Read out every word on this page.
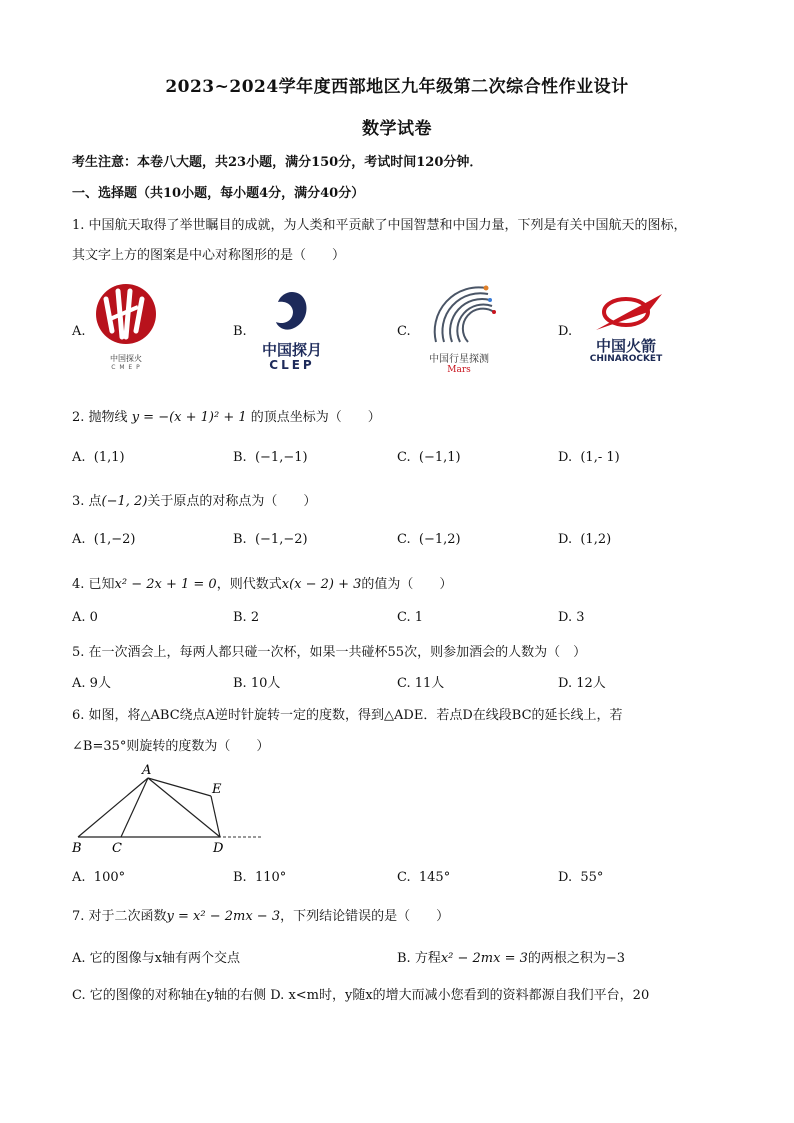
2023~2024学年度西部地区九年级第二次综合性作业设计
数学试卷
考生注意：本卷八大题，共23小题，满分150分，考试时间120分钟．
一、选择题（共10小题，每小题4分，满分40分）
1. 中国航天取得了举世瞩目的成就，为人类和平贡献了中国智慧和中国力量，下列是有关中国航天的图标，
其文字上方的图案是中心对称图形的是（　　）
A.
中国探火
C M E P
B.
中国探月
CLEP
C.
中国行星探测
Mars
D.
中国火箭
CHINAROCKET
2. 抛物线 y = −(x + 1)² + 1 的顶点坐标为（　　）
A. (1,1)	B. (−1,−1)	C. (−1,1)	D. (1,- 1)
3. 点(−1, 2)关于原点的对称点为（　　）
A. (1,−2)	B. (−1,−2)	C. (−1,2)	D. (1,2)
4. 已知x² − 2x + 1 = 0，则代数式x(x − 2) + 3的值为（　　）
A. 0	B. 2	C. 1	D. 3
5. 在一次酒会上，每两人都只碰一次杯，如果一共碰杯55次，则参加酒会的人数为（　）
A. 9人	B. 10人	C. 11人	D. 12人
6. 如图，将△ABC绕点A逆时针旋转一定的度数，得到△ADE．若点D在线段BC的延长线上，若
∠B=35°则旋转的度数为（　　）
A
B C	D
E
A. 100°	B. 110°	C. 145°	D. 55°
7. 对于二次函数y = x² − 2mx − 3，下列结论错误的是（　　）
A. 它的图像与x轴有两个交点	B. 方程x² − 2mx = 3的两根之积为−3
C. 它的图像的对称轴在y轴的右侧 D. x<m时，y随x的增大而减小您看到的资料都源自我们平台，20
